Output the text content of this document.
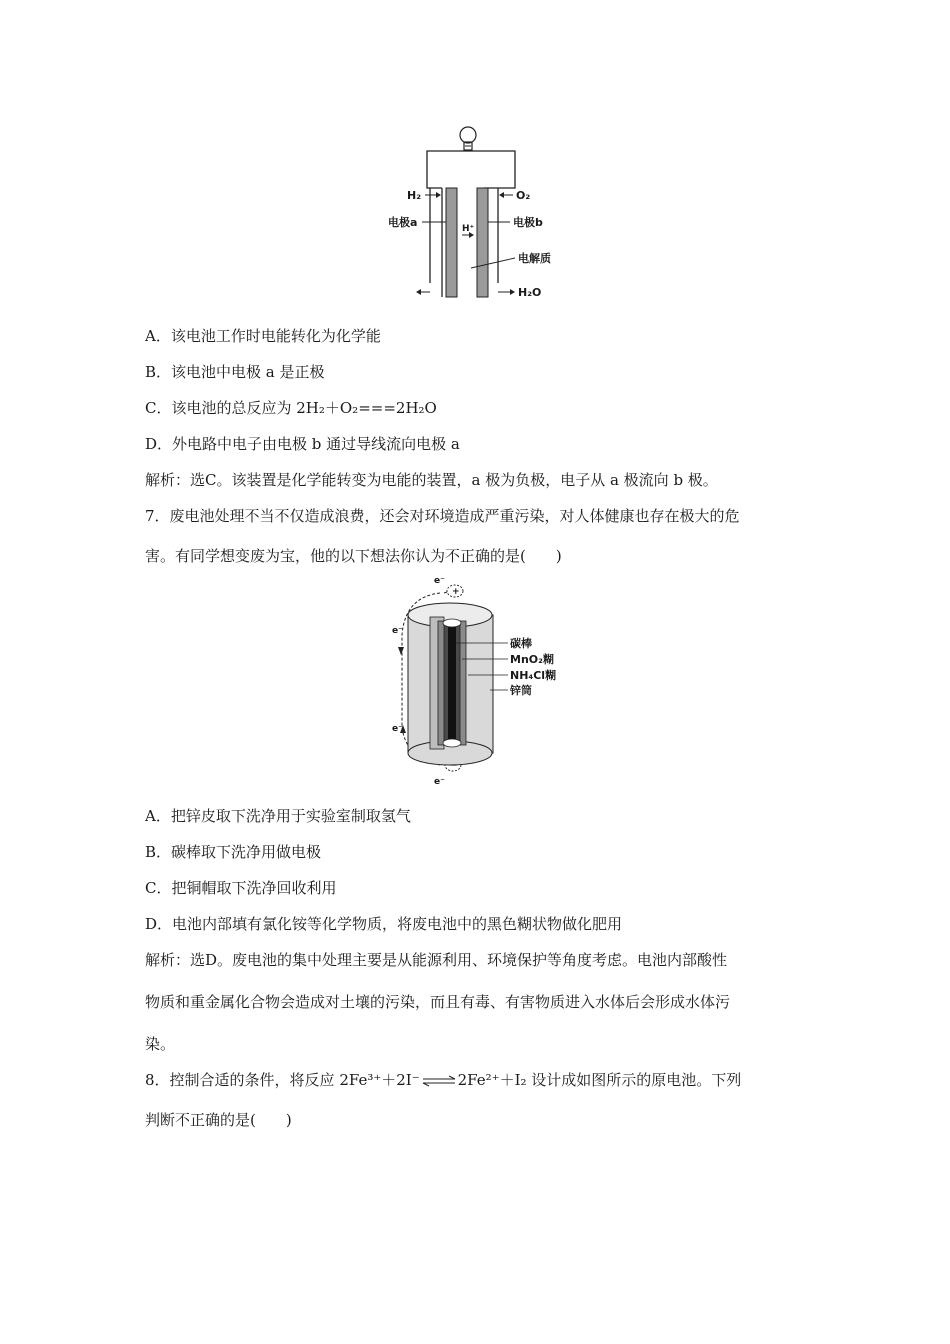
H₂	O₂
电极a	电极b
H⁺
电解质
H₂O
A．该电池工作时电能转化为化学能
B．该电池中电极 a 是正极
C．该电池的总反应为 2H₂＋O₂===2H₂O
D．外电路中电子由电极 b 通过导线流向电极 a
解析：选C。该装置是化学能转变为电能的装置，a 极为负极，电子从 a 极流向 b 极。
7．废电池处理不当不仅造成浪费，还会对环境造成严重污染，对人体健康也存在极大的危
害。有同学想变废为宝，他的以下想法你认为不正确的是(　　)
e⁻
e⁻
e⁻
e⁻
+
−
碳棒
MnO₂糊
NH₄Cl糊
锌筒
A．把锌皮取下洗净用于实验室制取氢气
B．碳棒取下洗净用做电极
C．把铜帽取下洗净回收利用
D．电池内部填有氯化铵等化学物质，将废电池中的黑色糊状物做化肥用
解析：选D。废电池的集中处理主要是从能源利用、环境保护等角度考虑。电池内部酸性
物质和重金属化合物会造成对土壤的污染，而且有毒、有害物质进入水体后会形成水体污
染。
8．控制合适的条件，将反应 2Fe³⁺＋2I⁻ ⇌ 2Fe²⁺＋I₂ 设计成如图所示的原电池。下列
判断不正确的是(　　)
